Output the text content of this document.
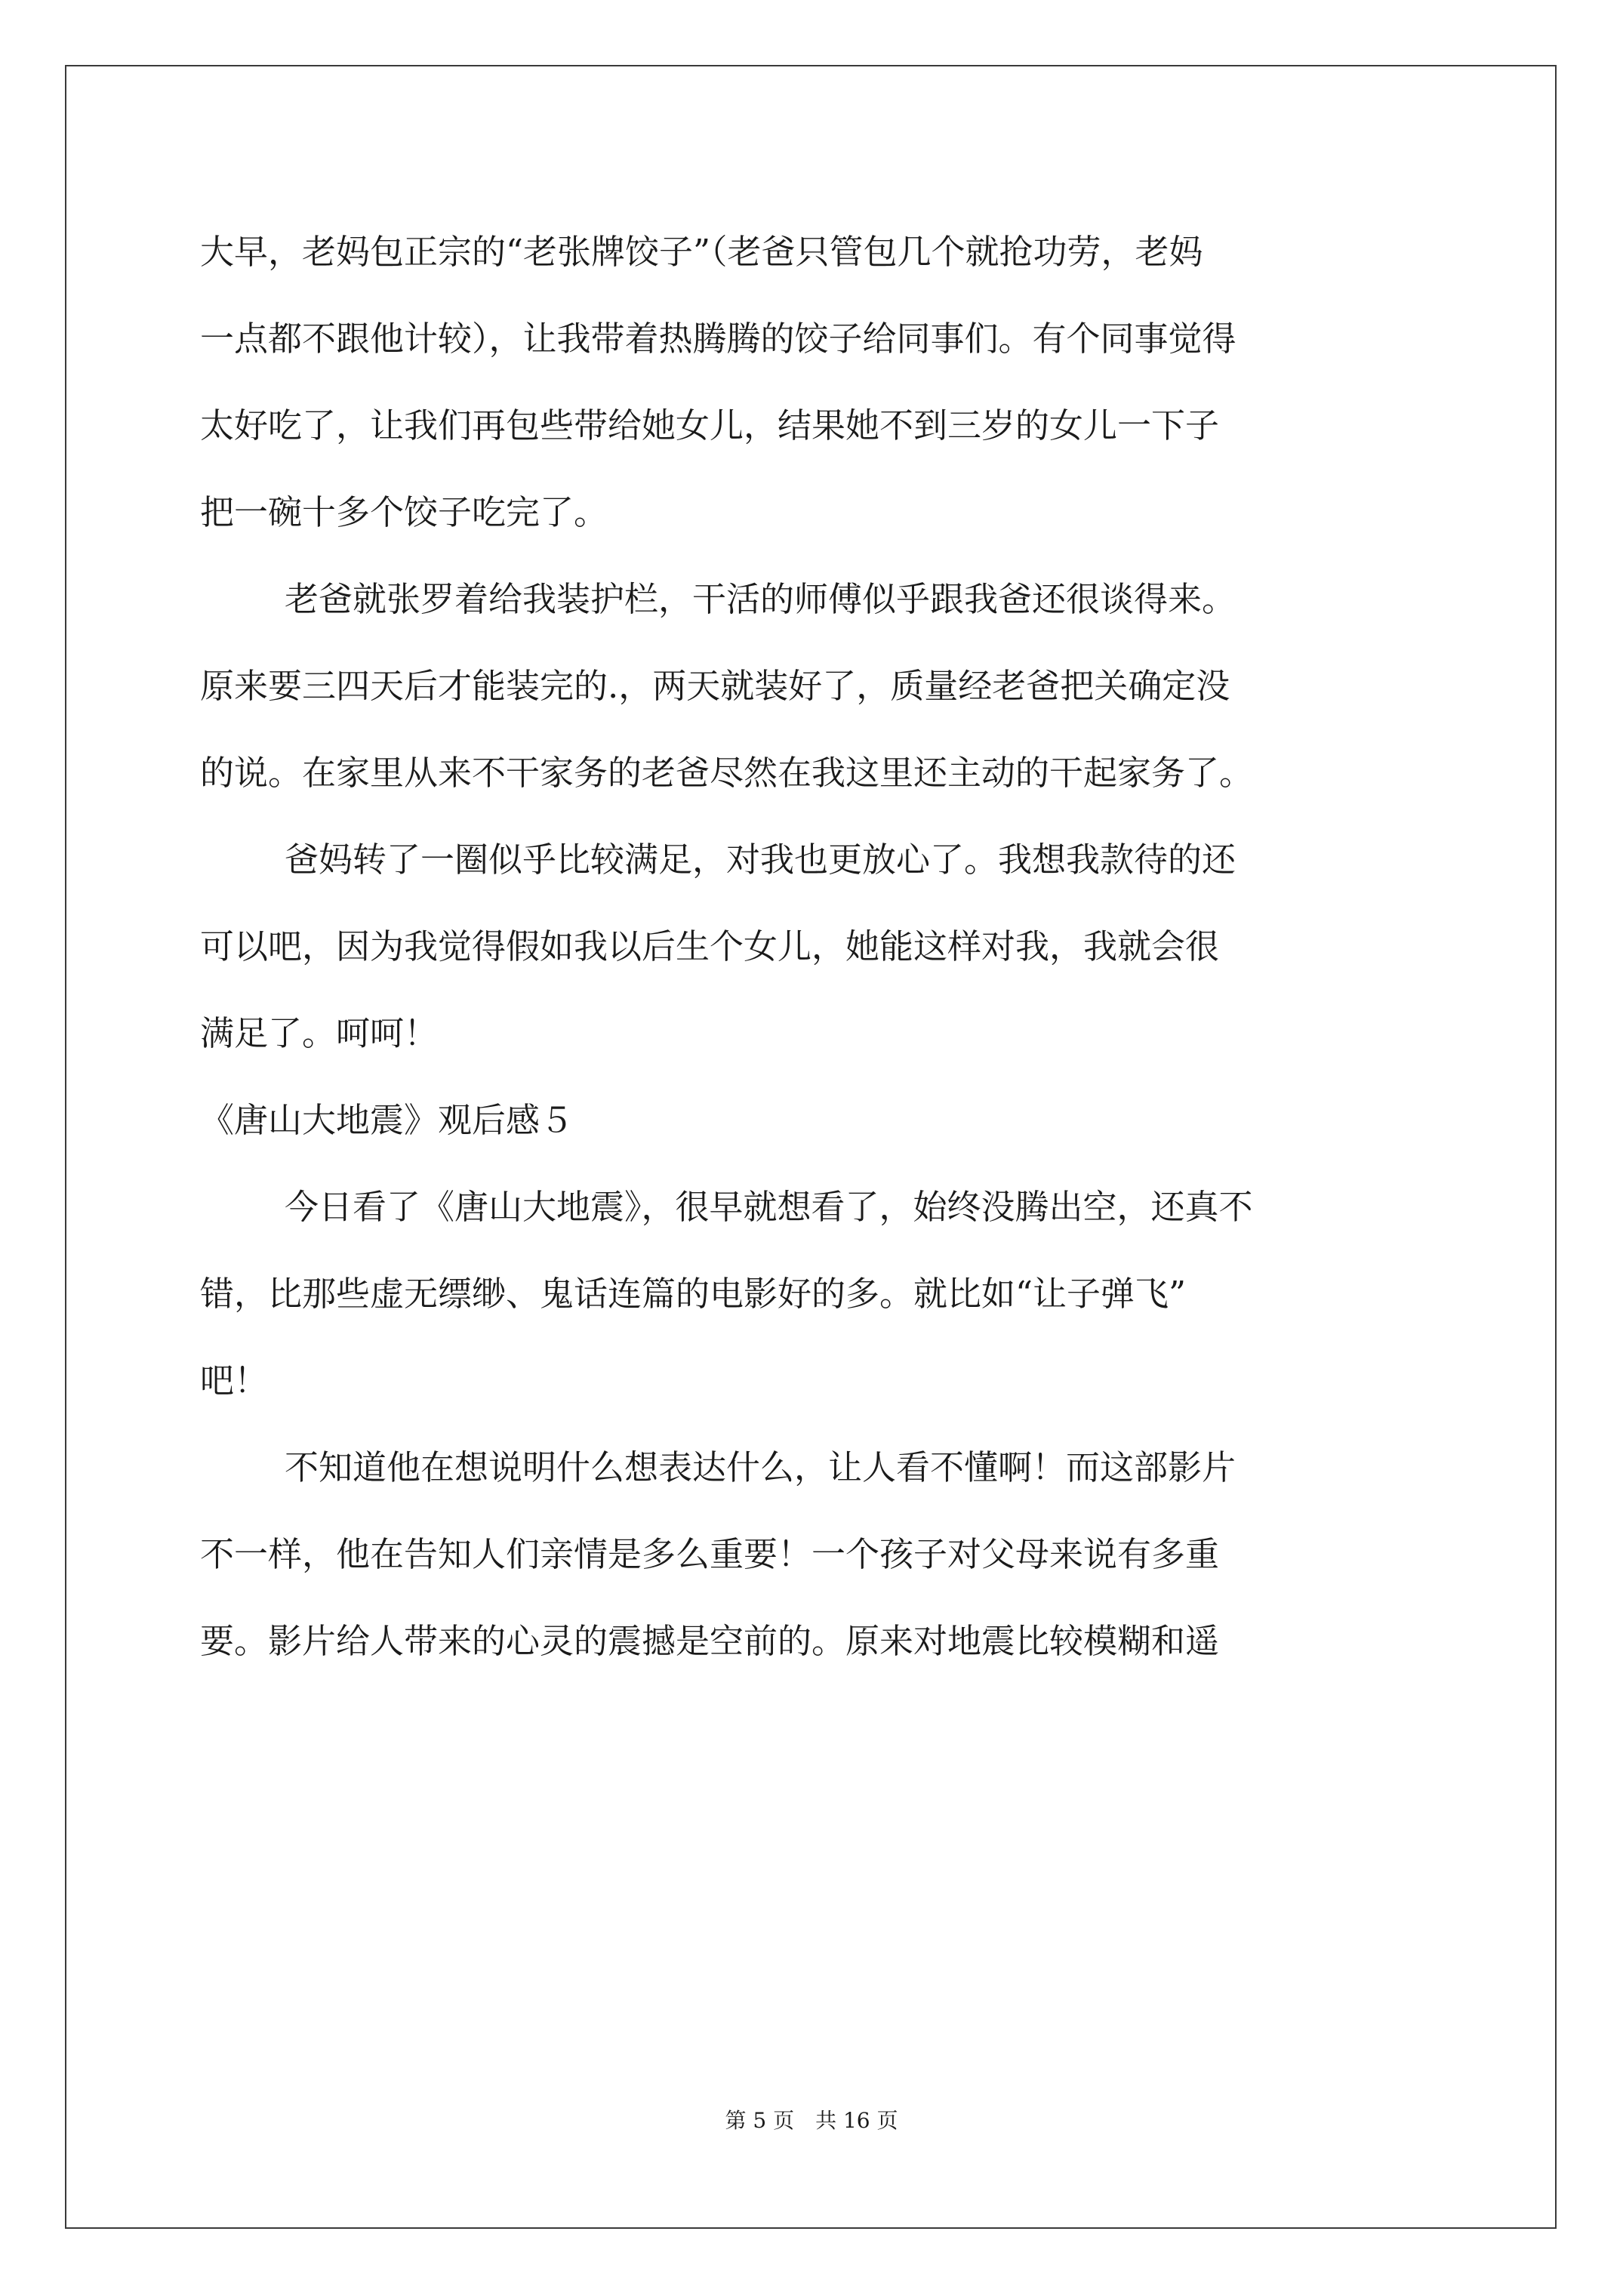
大早，老妈包正宗的“老张牌饺子”（老爸只管包几个就抢功劳，老妈
一点都不跟他计较），让我带着热腾腾的饺子给同事们。有个同事觉得
太好吃了，让我们再包些带给她女儿，结果她不到三岁的女儿一下子
把一碗十多个饺子吃完了。
老爸就张罗着给我装护栏，干活的师傅似乎跟我爸还很谈得来。
原来要三四天后才能装完的.，两天就装好了，质量经老爸把关确定没
的说。在家里从来不干家务的老爸尽然在我这里还主动的干起家务了。
爸妈转了一圈似乎比较满足，对我也更放心了。我想我款待的还
可以吧，因为我觉得假如我以后生个女儿，她能这样对我，我就会很
满足了。呵呵！
《唐山大地震》观后感５
今日看了《唐山大地震》，很早就想看了，始终没腾出空，还真不
错，比那些虚无缥缈、鬼话连篇的电影好的多。就比如“让子弹飞”
吧！
不知道他在想说明什么想表达什么，让人看不懂啊！而这部影片
不一样，他在告知人们亲情是多么重要！一个孩子对父母来说有多重
要。影片给人带来的心灵的震撼是空前的。原来对地震比较模糊和遥
第 5 页　共 16 页
